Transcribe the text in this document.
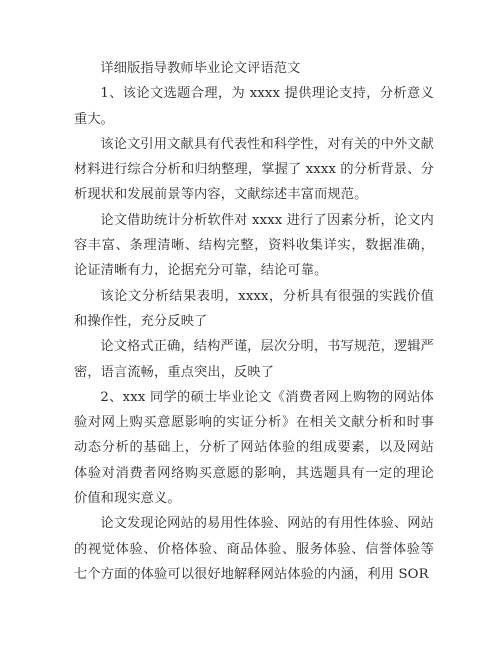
详细版指导教师毕业论文评语范文

1、该论文选题合理，为 xxxx 提供理论支持，分析意义重大。

该论文引用文献具有代表性和科学性，对有关的中外文献材料进行综合分析和归纳整理，掌握了 xxxx 的分析背景、分析现状和发展前景等内容，文献综述丰富而规范。

论文借助统计分析软件对 xxxx 进行了因素分析，论文内容丰富、条理清晰、结构完整，资料收集详实，数据准确，论证清晰有力，论据充分可靠，结论可靠。

该论文分析结果表明，xxxx，分析具有很强的实践价值和操作性，充分反映了

论文格式正确，结构严谨，层次分明，书写规范，逻辑严密，语言流畅，重点突出，反映了

2、xxx 同学的硕士毕业论文《消费者网上购物的网站体验对网上购买意愿影响的实证分析》在相关文献分析和时事动态分析的基础上，分析了网站体验的组成要素，以及网站体验对消费者网络购买意愿的影响，其选题具有一定的理论价值和现实意义。

论文发现论网站的易用性体验、网站的有用性体验、网站的视觉体验、价格体验、商品体验、服务体验、信誉体验等七个方面的体验可以很好地解释网站体验的内涵，利用 SOR
